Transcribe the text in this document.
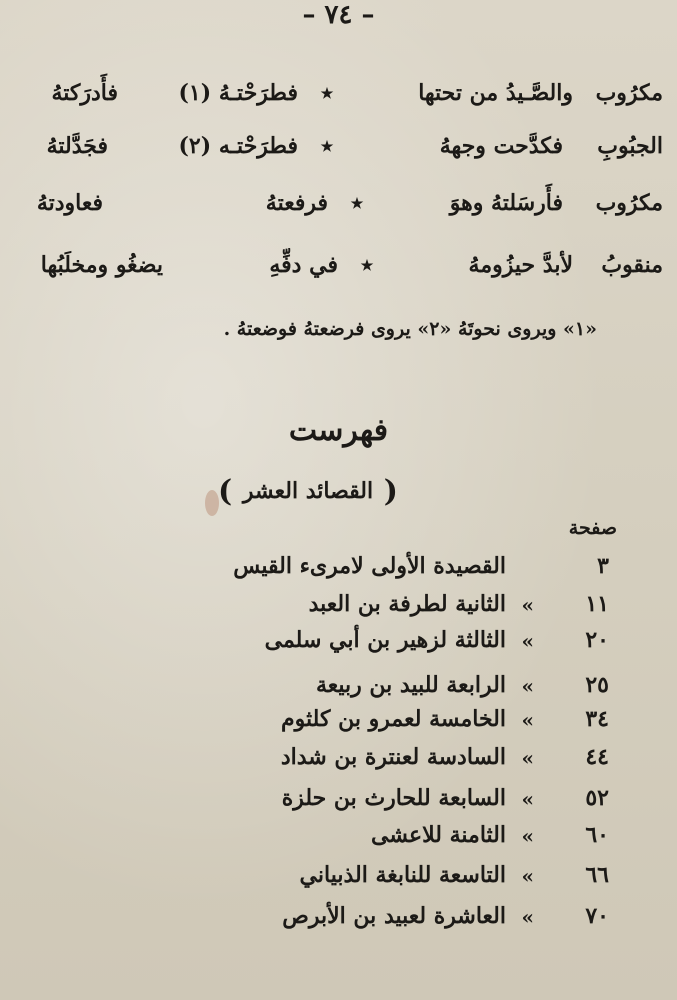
– ٧٤ –
مكرُوب
والصَّـيدُ من تحتها
٭
فطرَحْتـهُ (١)
فأَدرَكتهُ
الجبُوبِ
فكدَّحت وجههُ
٭
فطرَحْتـه (٢)
فجَدَّلتهُ
مكرُوب
فأَرسَلتهُ وهوَ
٭
فرفعتهُ
فعاودتهُ
منقوبُ
لأبدَّ حيزُومهُ
٭
في دفِّهِ
يضغُو ومخلَبُها
«١» ويروى نحوتَهُ «٢» يروى فرضعتهُ فوضعتهُ .
فهرست
(
القصائد العشر
)
صفحة
٣
القصيدة الأولى لامرىء القيس
١١
«
الثانية لطرفة بن العبد
٢٠
«
الثالثة لزهير بن أبي سلمى
٢٥
«
الرابعة للبيد بن ربيعة
٣٤
«
الخامسة لعمرو بن كلثوم
٤٤
«
السادسة لعنترة بن شداد
٥٢
«
السابعة للحارث بن حلزة
٦٠
«
الثامنة للاعشى
٦٦
«
التاسعة للنابغة الذبياني
٧٠
«
العاشرة لعبيد بن الأبرص
